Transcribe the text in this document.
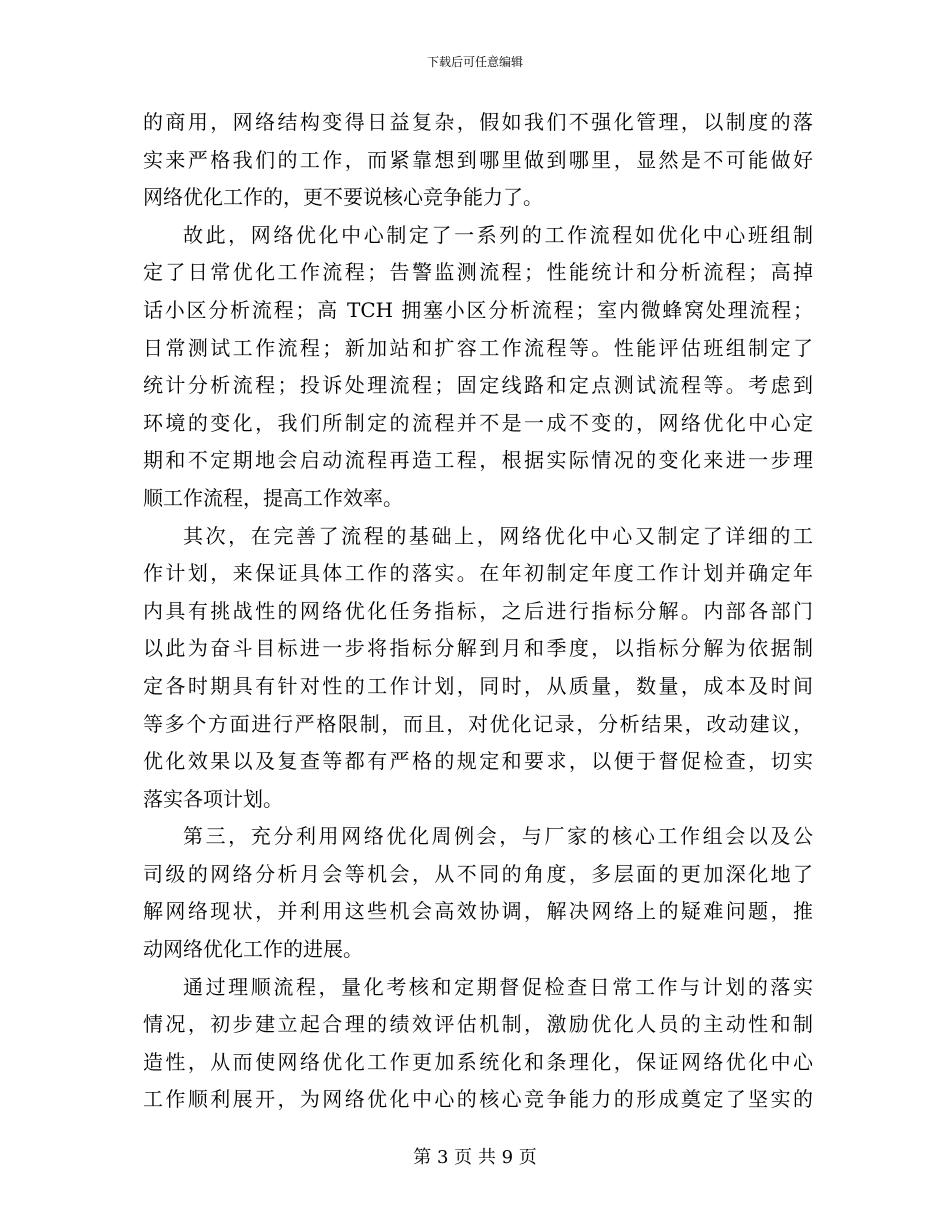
下载后可任意编辑
的商用，网络结构变得日益复杂，假如我们不强化管理，以制度的落
实来严格我们的工作，而紧靠想到哪里做到哪里，显然是不可能做好
网络优化工作的，更不要说核心竞争能力了。
故此，网络优化中心制定了一系列的工作流程如优化中心班组制
定了日常优化工作流程；告警监测流程；性能统计和分析流程；高掉
话小区分析流程；高 TCH 拥塞小区分析流程；室内微蜂窝处理流程；
日常测试工作流程；新加站和扩容工作流程等。性能评估班组制定了
统计分析流程；投诉处理流程；固定线路和定点测试流程等。考虑到
环境的变化，我们所制定的流程并不是一成不变的，网络优化中心定
期和不定期地会启动流程再造工程，根据实际情况的变化来进一步理
顺工作流程，提高工作效率。
其次，在完善了流程的基础上，网络优化中心又制定了详细的工
作计划，来保证具体工作的落实。在年初制定年度工作计划并确定年
内具有挑战性的网络优化任务指标，之后进行指标分解。内部各部门
以此为奋斗目标进一步将指标分解到月和季度，以指标分解为依据制
定各时期具有针对性的工作计划，同时，从质量，数量，成本及时间
等多个方面进行严格限制，而且，对优化记录，分析结果，改动建议，
优化效果以及复查等都有严格的规定和要求，以便于督促检查，切实
落实各项计划。
第三，充分利用网络优化周例会，与厂家的核心工作组会以及公
司级的网络分析月会等机会，从不同的角度，多层面的更加深化地了
解网络现状，并利用这些机会高效协调，解决网络上的疑难问题，推
动网络优化工作的进展。
通过理顺流程，量化考核和定期督促检查日常工作与计划的落实
情况，初步建立起合理的绩效评估机制，激励优化人员的主动性和制
造性，从而使网络优化工作更加系统化和条理化，保证网络优化中心
工作顺利展开，为网络优化中心的核心竞争能力的形成奠定了坚实的
第 3 页 共 9 页
